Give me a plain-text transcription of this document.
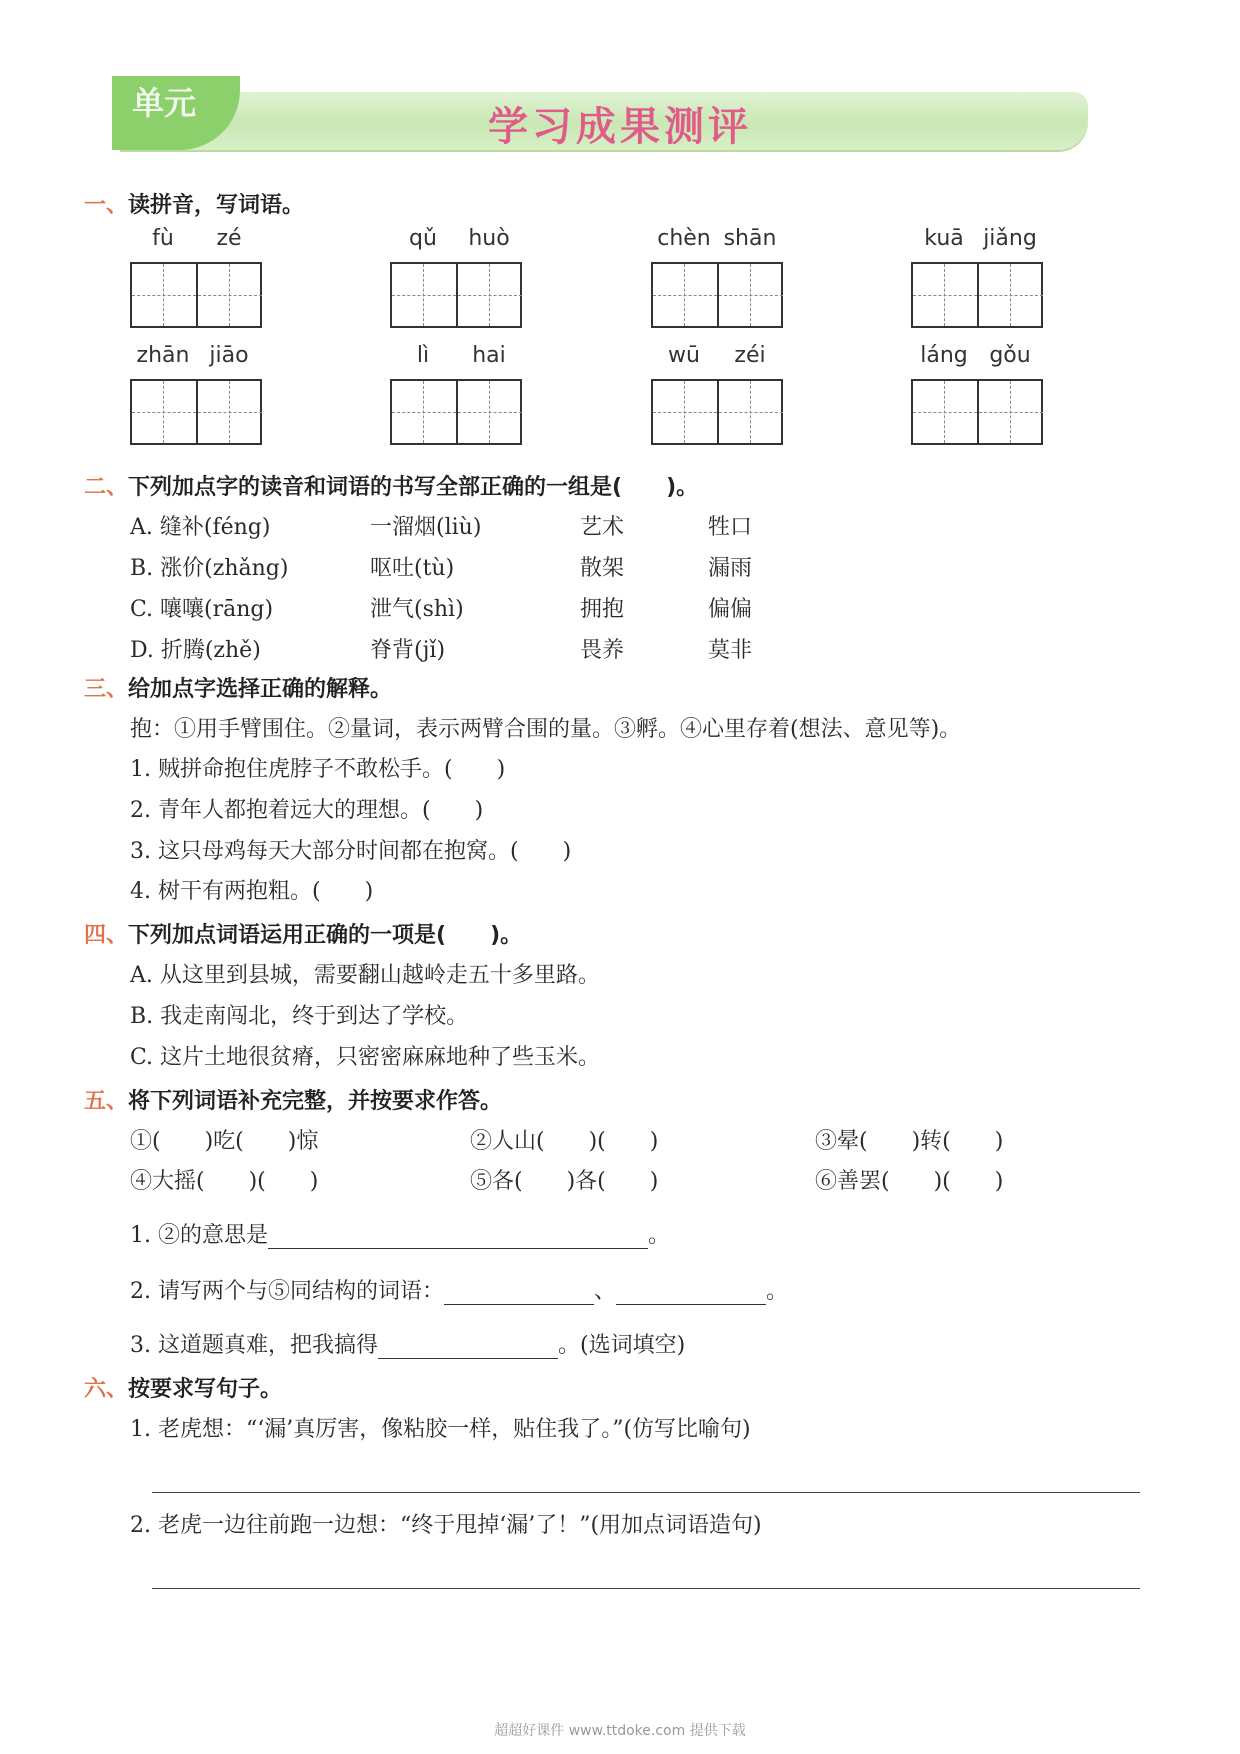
单元
学习成果测评
一、读拼音，写词语。
fù	zé	qǔ	huò	chèn shān	kuā jiǎng
zhān jiāo	lì	hai	wū	zéi	láng gǒu
二、下列加点字的读音和词语的书写全部正确的一组是(　　)。
A. 缝补(féng)	一溜烟(liù)	艺术	牲口
B. 涨价(zhǎng)	呕吐(tù)	散架	漏雨
C. 嚷嚷(rāng)	泄气(shì)	拥抱	偏偏
D. 折腾(zhě)	脊背(jǐ)	畏养	莫非
三、给加点字选择正确的解释。
抱：①用手臂围住。②量词，表示两臂合围的量。③孵。④心里存着(想法、意见等)。
1. 贼拼命抱住虎脖子不敢松手。(　　)
2. 青年人都抱着远大的理想。(　　)
3. 这只母鸡每天大部分时间都在抱窝。(　　)
4. 树干有两抱粗。(　　)
四、下列加点词语运用正确的一项是(　　)。
A. 从这里到县城，需要翻山越岭走五十多里路。
B. 我走南闯北，终于到达了学校。
C. 这片土地很贫瘠，只密密麻麻地种了些玉米。
五、将下列词语补充完整，并按要求作答。
①(　　)吃(　　)惊	②人山(　　)(　　)	③晕(　　)转(　　)
④大摇(　　)(　　)	⑤各(　　)各(　　)	⑥善罢(　　)(　　)
1. ②的意思是	。
2. 请写两个与⑤同结构的词语：	、	。
3. 这道题真难，把我搞得	。(选词填空)
六、按要求写句子。
1. 老虎想：“‘漏’真厉害，像粘胶一样，贴住我了。”(仿写比喻句)
2. 老虎一边往前跑一边想：“终于甩掉‘漏’了！”(用加点词语造句)
超超好课件 www.ttdoke.com 提供下载
